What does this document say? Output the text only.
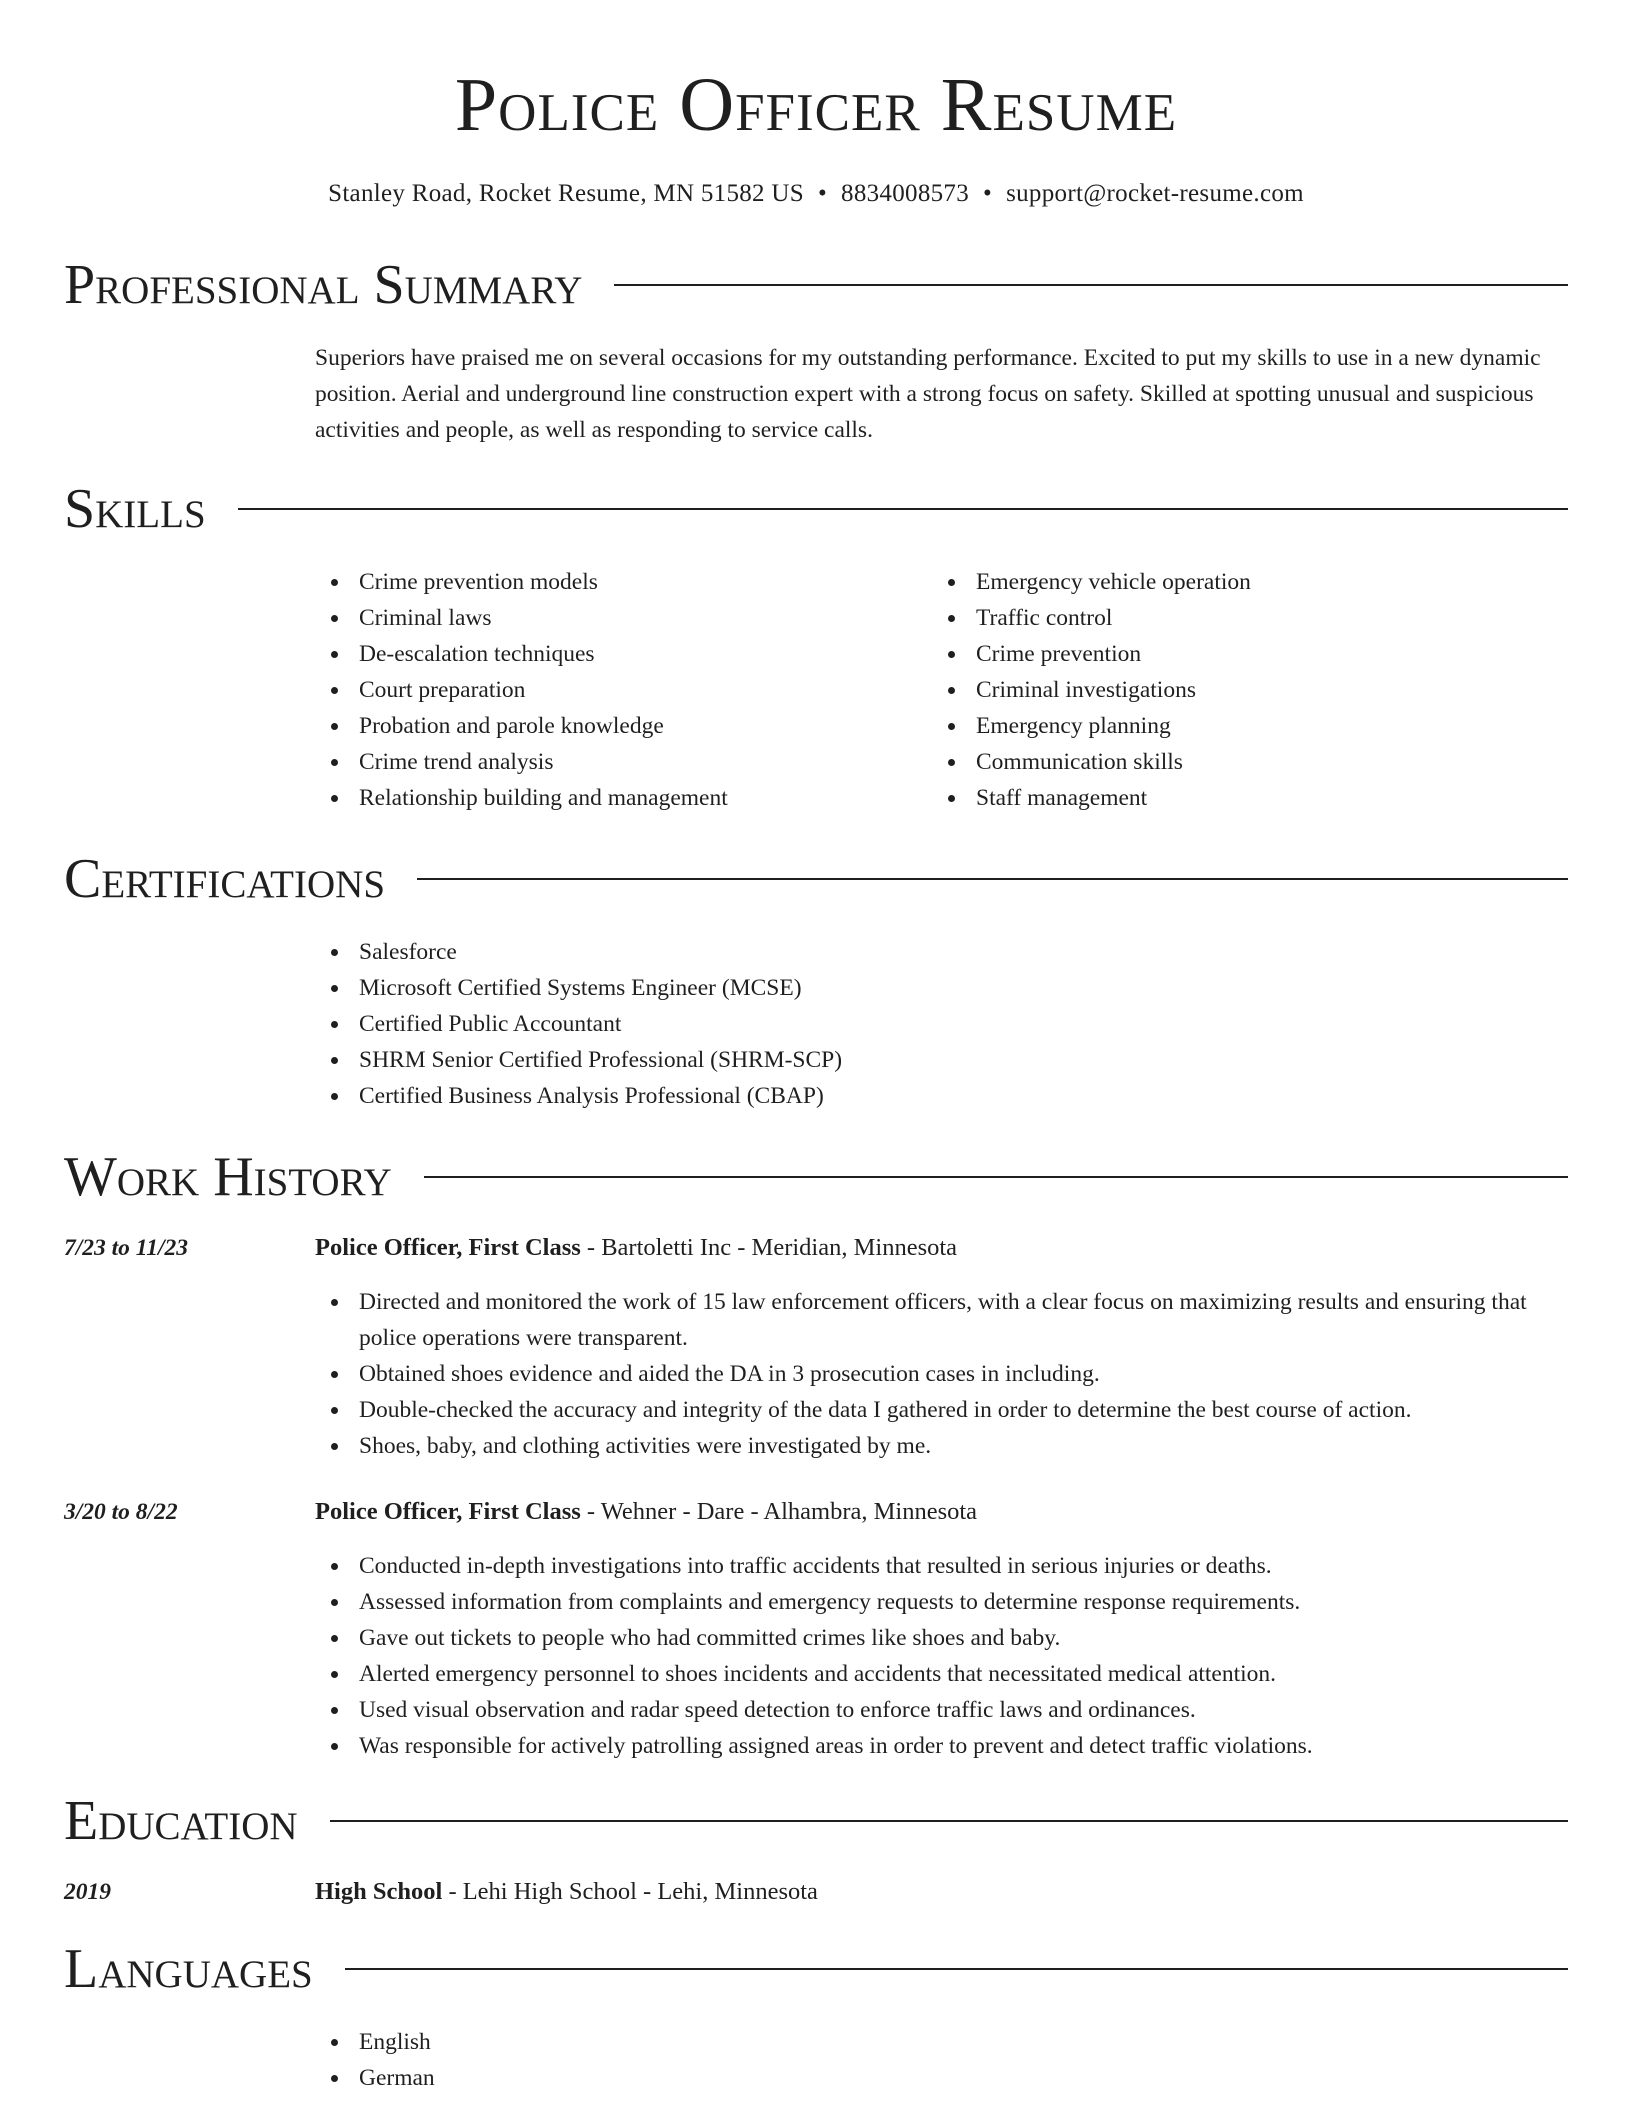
Police Officer Resume
Stanley Road, Rocket Resume, MN 51582 US • 8834008573 • support@rocket-resume.com
Professional Summary

Superiors have praised me on several occasions for my outstanding performance. Excited to put my skills to use in a new dynamic position. Aerial and underground line construction expert with a strong focus on safety. Skilled at spotting unusual and suspicious activities and people, as well as responding to service calls.

Skills
Crime prevention models
Criminal laws
De-escalation techniques
Court preparation
Probation and parole knowledge
Crime trend analysis
Relationship building and management
Emergency vehicle operation
Traffic control
Crime prevention
Criminal investigations
Emergency planning
Communication skills
Staff management
Certifications
Salesforce
Microsoft Certified Systems Engineer (MCSE)
Certified Public Accountant
SHRM Senior Certified Professional (SHRM-SCP)
Certified Business Analysis Professional (CBAP)
Work History
7/23 to 11/23	Police Officer, First Class - Bartoletti Inc - Meridian, Minnesota
Directed and monitored the work of 15 law enforcement officers, with a clear focus on maximizing results and ensuring that police operations were transparent.
Obtained shoes evidence and aided the DA in 3 prosecution cases in including.
Double-checked the accuracy and integrity of the data I gathered in order to determine the best course of action.
Shoes, baby, and clothing activities were investigated by me.
3/20 to 8/22	Police Officer, First Class - Wehner - Dare - Alhambra, Minnesota
Conducted in-depth investigations into traffic accidents that resulted in serious injuries or deaths.
Assessed information from complaints and emergency requests to determine response requirements.
Gave out tickets to people who had committed crimes like shoes and baby.
Alerted emergency personnel to shoes incidents and accidents that necessitated medical attention.
Used visual observation and radar speed detection to enforce traffic laws and ordinances.
Was responsible for actively patrolling assigned areas in order to prevent and detect traffic violations.
Education
2019	High School - Lehi High School - Lehi, Minnesota
Languages
English
German
